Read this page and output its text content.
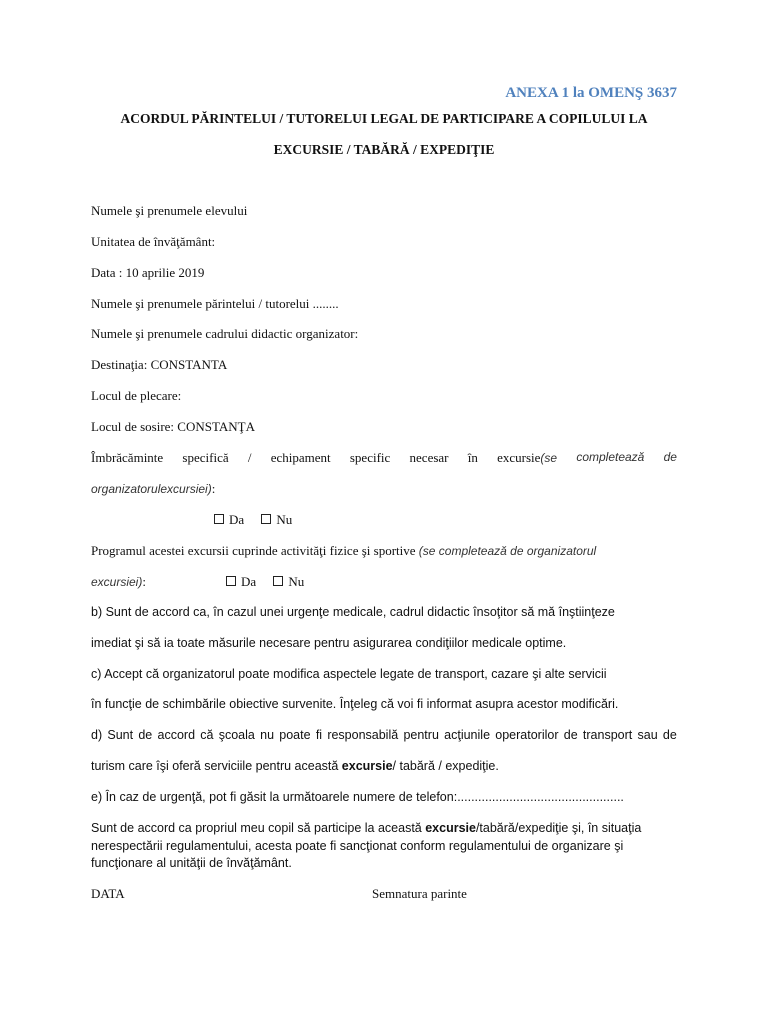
ANEXA 1 la OMENŞ 3637
ACORDUL PĂRINTELUI / TUTORELUI LEGAL DE PARTICIPARE A COPILULUI LA
EXCURSIE / TABĂRĂ / EXPEDIŢIE
Numele şi prenumele elevului
Unitatea de învăţământ:
Data : 10 aprilie 2019
Numele şi prenumele părintelui / tutorelui ........
Numele şi prenumele cadrului didactic organizator:
Destinaţia: CONSTANTA
Locul de plecare:
Locul de sosire: CONSTANŢA
Îmbrăcăminte specifică / echipament specific necesar în excursie(se completează de
organizatorulexcursiei):
Da Nu
Programul acestei excursii cuprinde activităţi fizice şi sportive (se completează de organizatorul
excursiei):	Da Nu
b) Sunt de accord ca, în cazul unei urgenţe medicale, cadrul didactic însoţitor să mă înştiinţeze
imediat şi să ia toate măsurile necesare pentru asigurarea condiţiilor medicale optime.
c) Accept că organizatorul poate modifica aspectele legate de transport, cazare şi alte servicii
în funcţie de schimbările obiective survenite. Înţeleg că voi fi informat asupra acestor modificări.
d) Sunt de accord că şcoala nu poate fi responsabilă pentru acţiunile operatorilor de transport sau de
turism care îşi oferă serviciile pentru această excursie/ tabără / expediţie.
e) În caz de urgenţă, pot fi găsit la următoarele numere de telefon:................................................
Sunt de accord ca propriul meu copil să participe la această excursie/tabără/expediţie şi, în situaţia
nerespectării regulamentului, acesta poate fi sancţionat conform regulamentului de organizare şi
funcţionare al unităţii de învăţământ.
DATA	Semnatura parinte
